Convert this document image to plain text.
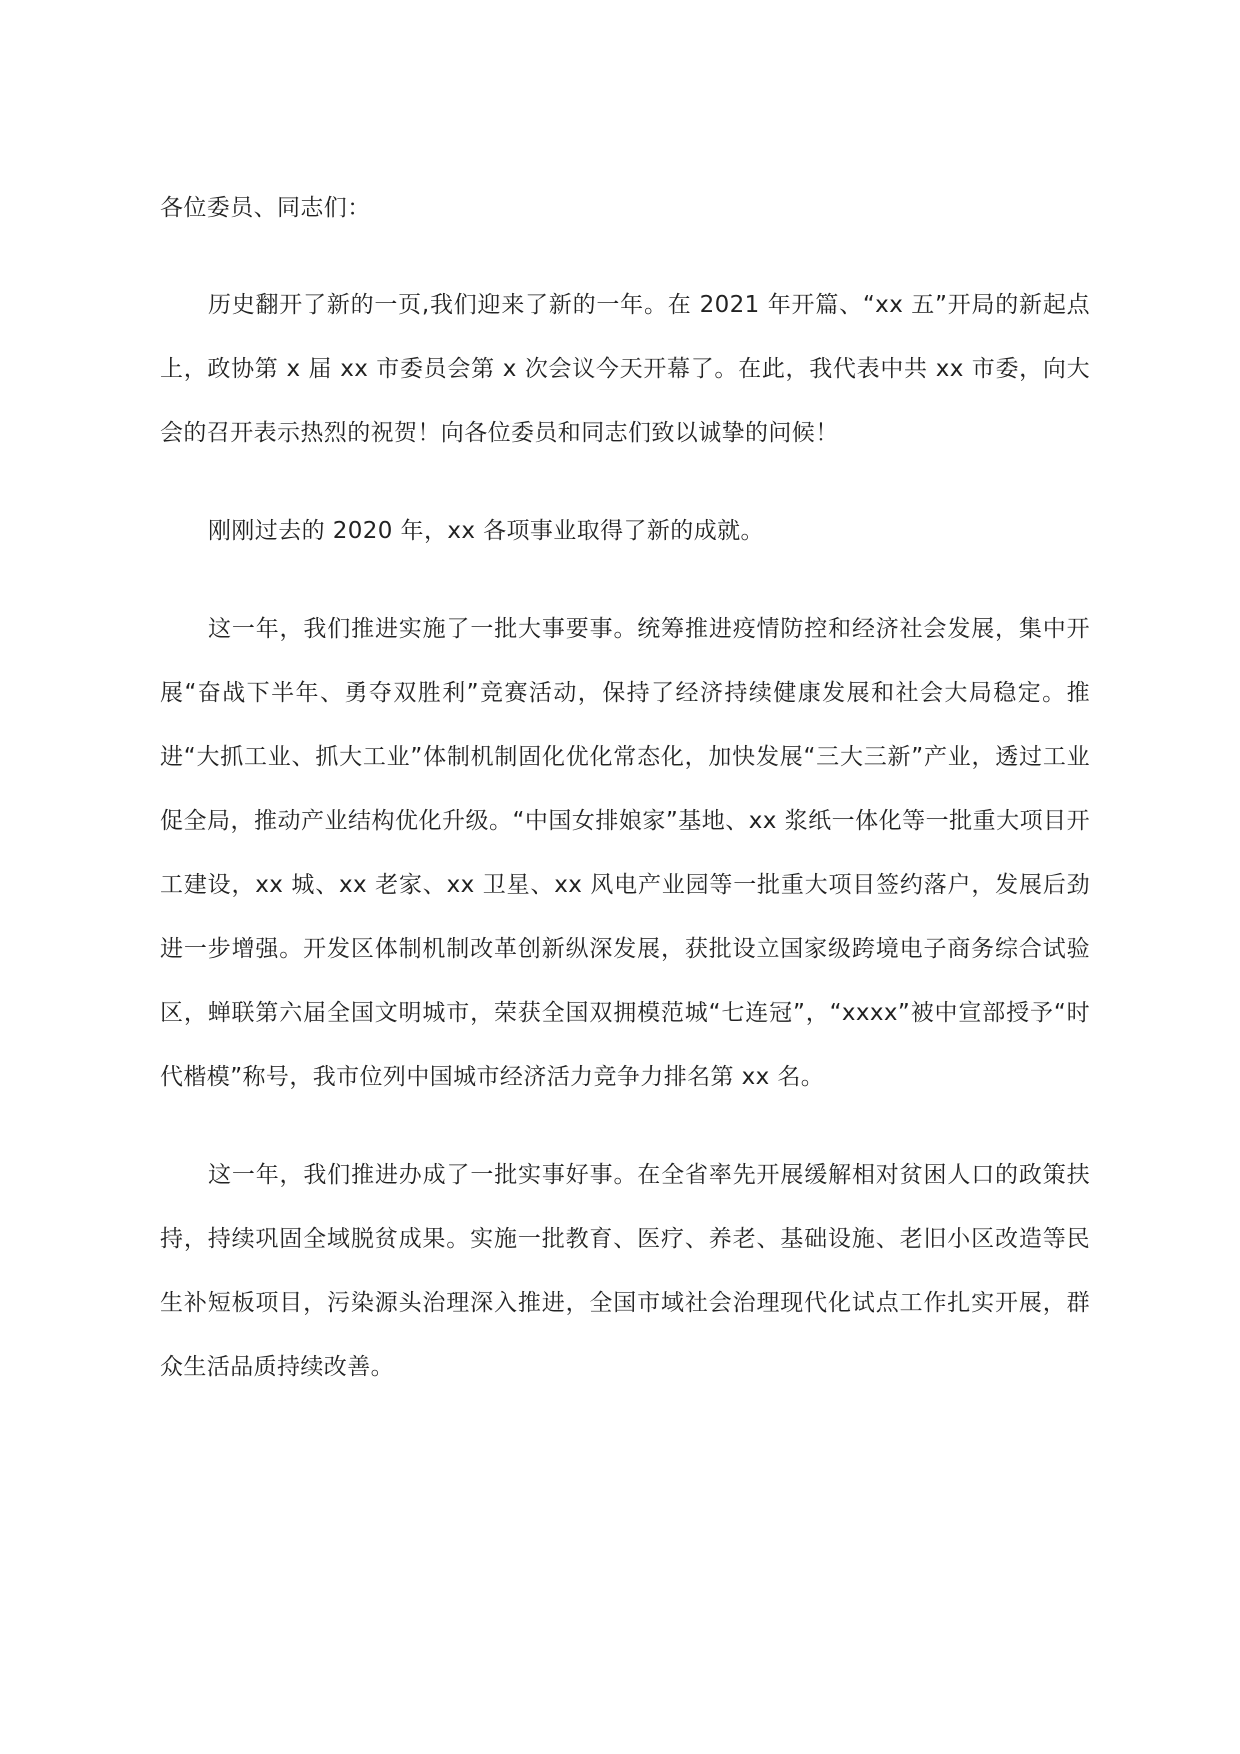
各位委员、同志们：

历史翻开了新的一页,我们迎来了新的一年。在 2021 年开篇、“xx 五”开局的新起点上，政协第 x 届 xx 市委员会第 x 次会议今天开幕了。在此，我代表中共 xx 市委，向大会的召开表示热烈的祝贺！向各位委员和同志们致以诚挚的问候！

刚刚过去的 2020 年，xx 各项事业取得了新的成就。

这一年，我们推进实施了一批大事要事。统筹推进疫情防控和经济社会发展，集中开展“奋战下半年、勇夺双胜利”竞赛活动，保持了经济持续健康发展和社会大局稳定。推进“大抓工业、抓大工业”体制机制固化优化常态化，加快发展“三大三新”产业，透过工业促全局，推动产业结构优化升级。“中国女排娘家”基地、xx 浆纸一体化等一批重大项目开工建设，xx 城、xx 老家、xx 卫星、xx 风电产业园等一批重大项目签约落户，发展后劲进一步增强。开发区体制机制改革创新纵深发展，获批设立国家级跨境电子商务综合试验区，蝉联第六届全国文明城市，荣获全国双拥模范城“七连冠”，“xxxx”被中宣部授予“时代楷模”称号，我市位列中国城市经济活力竞争力排名第 xx 名。

这一年，我们推进办成了一批实事好事。在全省率先开展缓解相对贫困人口的政策扶持，持续巩固全域脱贫成果。实施一批教育、医疗、养老、基础设施、老旧小区改造等民生补短板项目，污染源头治理深入推进，全国市域社会治理现代化试点工作扎实开展，群众生活品质持续改善。
